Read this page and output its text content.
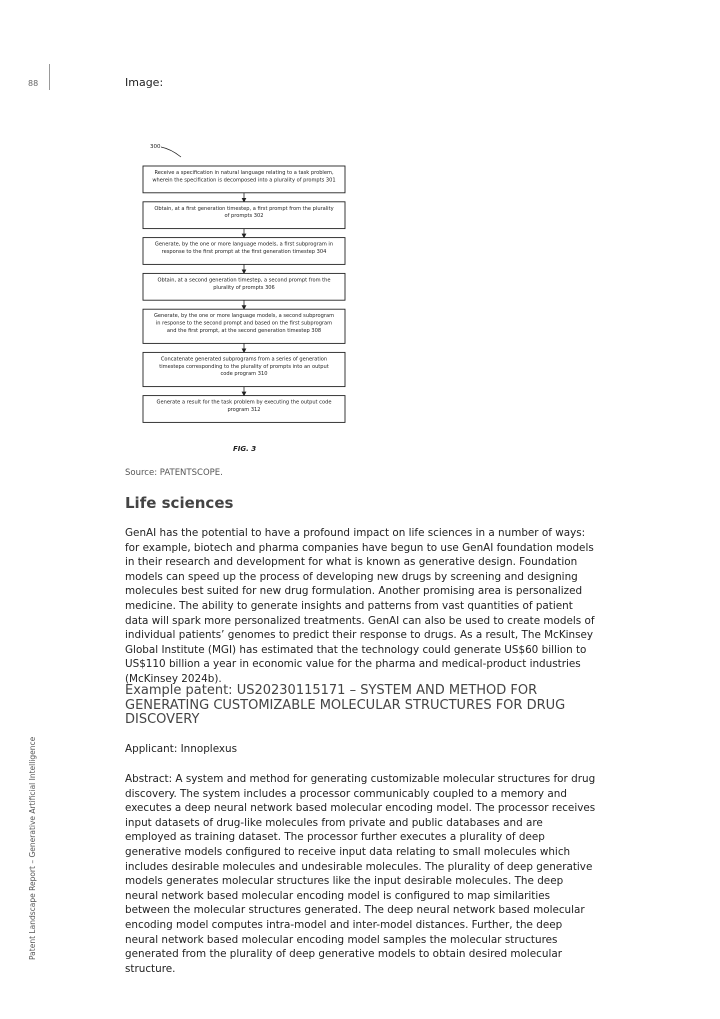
88
Patent Landscape Report – Generative Artificial Intelligence
Image:
300
Receive a specification in natural language relating to a task problem,
wherein the specification is decomposed into a plurality of prompts 301
Obtain, at a first generation timestep, a first prompt from the plurality
of prompts 302
Generate, by the one or more language models, a first subprogram in
response to the first prompt at the first generation timestep 304
Obtain, at a second generation timestep, a second prompt from the
plurality of prompts 306
Generate, by the one or more language models, a second subprogram
in response to the second prompt and based on the first subprogram
and the first prompt, at the second generation timestep 308
Concatenate generated subprograms from a series of generation
timesteps corresponding to the plurality of prompts into an output
code program 310
Generate a result for the task problem by executing the output code
program 312
FIG. 3
Source: PATENTSCOPE.
Life sciences

GenAI has the potential to have a profound impact on life sciences in a number of ways: for example, biotech and pharma companies have begun to use GenAI foundation models in their research and development for what is known as generative design. Foundation models can speed up the process of developing new drugs by screening and designing molecules best suited for new drug formulation. Another promising area is personalized medicine. The ability to generate insights and patterns from vast quantities of patient data will spark more personalized treatments. GenAI can also be used to create models of individual patients’ genomes to predict their response to drugs. As a result, The McKinsey Global Institute (MGI) has estimated that the technology could generate US$60 billion to US$110 billion a year in economic value for the pharma and medical-product industries (McKinsey 2024b).

Example patent: US20230115171 – SYSTEM AND METHOD FOR GENERATING CUSTOMIZABLE MOLECULAR STRUCTURES FOR DRUG DISCOVERY

Applicant: Innoplexus

Abstract: A system and method for generating customizable molecular structures for drug discovery. The system includes a processor communicably coupled to a memory and executes a deep neural network based molecular encoding model. The processor receives input datasets of drug-like molecules from private and public databases and are employed as training dataset. The processor further executes a plurality of deep generative models configured to receive input data relating to small molecules which includes desirable molecules and undesirable molecules. The plurality of deep generative models generates molecular structures like the input desirable molecules. The deep neural network based molecular encoding model is configured to map similarities between the molecular structures generated. The deep neural network based molecular encoding model computes intra-model and inter-model distances. Further, the deep neural network based molecular encoding model samples the molecular structures generated from the plurality of deep generative models to obtain desired molecular structure.
